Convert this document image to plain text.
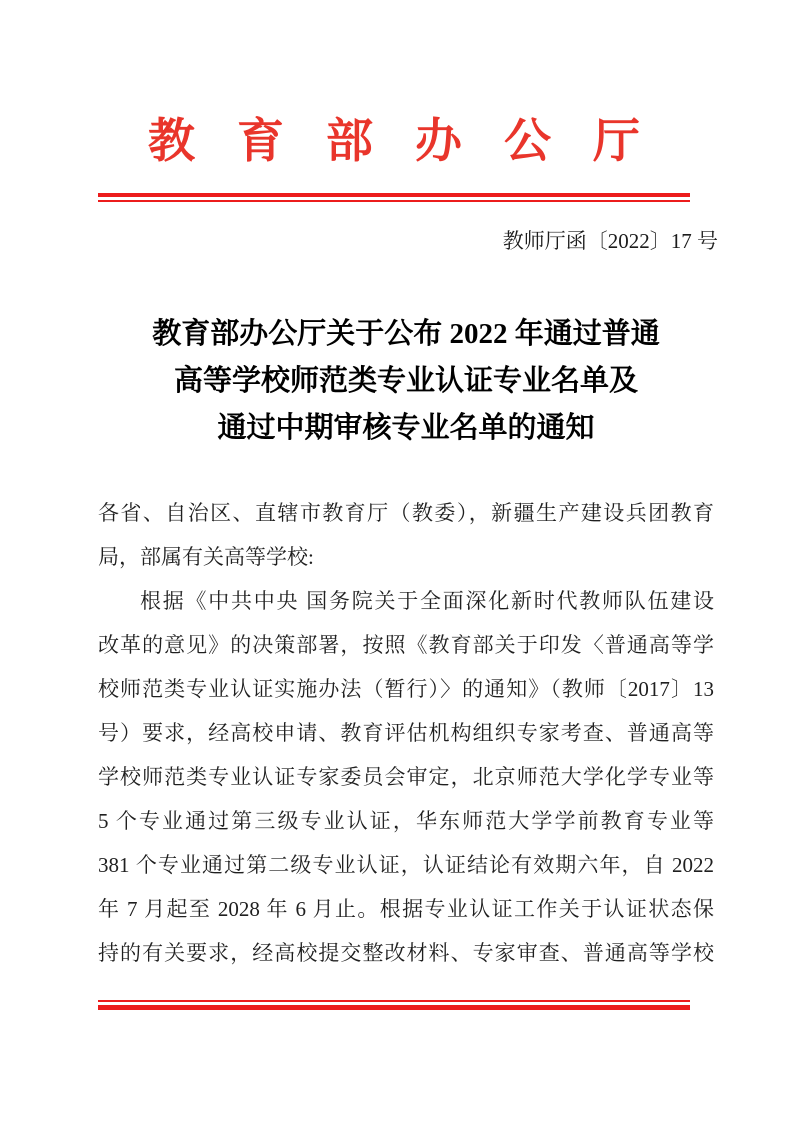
教育部办公厅
教师厅函〔2022〕17 号
教育部办公厅关于公布 2022 年通过普通
高等学校师范类专业认证专业名单及
通过中期审核专业名单的通知
各省、自治区、直辖市教育厅（教委），新疆生产建设兵团教育
局，部属有关高等学校:
根据《中共中央 国务院关于全面深化新时代教师队伍建设
改革的意见》的决策部署，按照《教育部关于印发〈普通高等学
校师范类专业认证实施办法（暂行）〉的通知》（教师〔2017〕13
号）要求，经高校申请、教育评估机构组织专家考查、普通高等
学校师范类专业认证专家委员会审定，北京师范大学化学专业等
5 个专业通过第三级专业认证，华东师范大学学前教育专业等
381 个专业通过第二级专业认证，认证结论有效期六年，自 2022
年 7 月起至 2028 年 6 月止。根据专业认证工作关于认证状态保
持的有关要求，经高校提交整改材料、专家审查、普通高等学校
